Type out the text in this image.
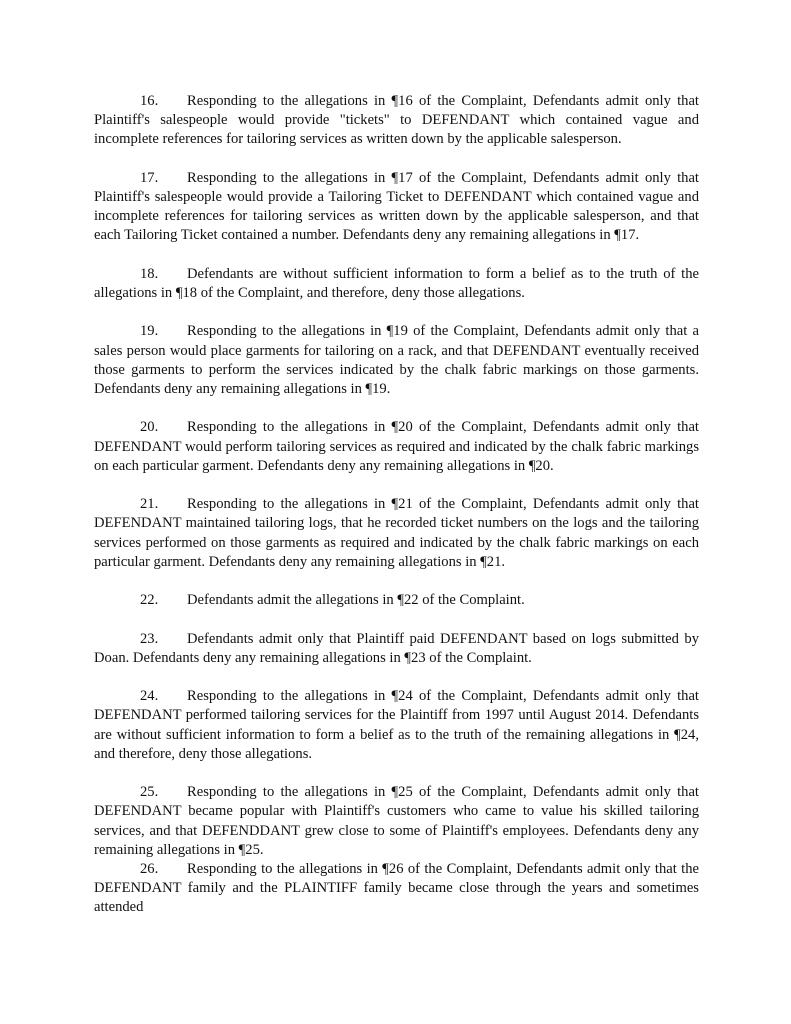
16. Responding to the allegations in ¶16 of the Complaint, Defendants admit only that Plaintiff's salespeople would provide "tickets" to DEFENDANT which contained vague and incomplete references for tailoring services as written down by the applicable salesperson.

17. Responding to the allegations in ¶17 of the Complaint, Defendants admit only that Plaintiff's salespeople would provide a Tailoring Ticket to DEFENDANT which contained vague and incomplete references for tailoring services as written down by the applicable salesperson, and that each Tailoring Ticket contained a number. Defendants deny any remaining allegations in ¶17.

18. Defendants are without sufficient information to form a belief as to the truth of the allegations in ¶18 of the Complaint, and therefore, deny those allegations.

19. Responding to the allegations in ¶19 of the Complaint, Defendants admit only that a sales person would place garments for tailoring on a rack, and that DEFENDANT eventually received those garments to perform the services indicated by the chalk fabric markings on those garments. Defendants deny any remaining allegations in ¶19.

20. Responding to the allegations in ¶20 of the Complaint, Defendants admit only that DEFENDANT would perform tailoring services as required and indicated by the chalk fabric markings on each particular garment. Defendants deny any remaining allegations in ¶20.

21. Responding to the allegations in ¶21 of the Complaint, Defendants admit only that DEFENDANT maintained tailoring logs, that he recorded ticket numbers on the logs and the tailoring services performed on those garments as required and indicated by the chalk fabric markings on each particular garment. Defendants deny any remaining allegations in ¶21.

22. Defendants admit the allegations in ¶22 of the Complaint.

23. Defendants admit only that Plaintiff paid DEFENDANT based on logs submitted by Doan. Defendants deny any remaining allegations in ¶23 of the Complaint.

24. Responding to the allegations in ¶24 of the Complaint, Defendants admit only that DEFENDANT performed tailoring services for the Plaintiff from 1997 until August 2014. Defendants are without sufficient information to form a belief as to the truth of the remaining allegations in ¶24, and therefore, deny those allegations.

25. Responding to the allegations in ¶25 of the Complaint, Defendants admit only that DEFENDANT became popular with Plaintiff's customers who came to value his skilled tailoring services, and that DEFENDDANT grew close to some of Plaintiff's employees. Defendants deny any remaining allegations in ¶25.

26. Responding to the allegations in ¶26 of the Complaint, Defendants admit only that the DEFENDANT family and the PLAINTIFF family became close through the years and sometimes attended
